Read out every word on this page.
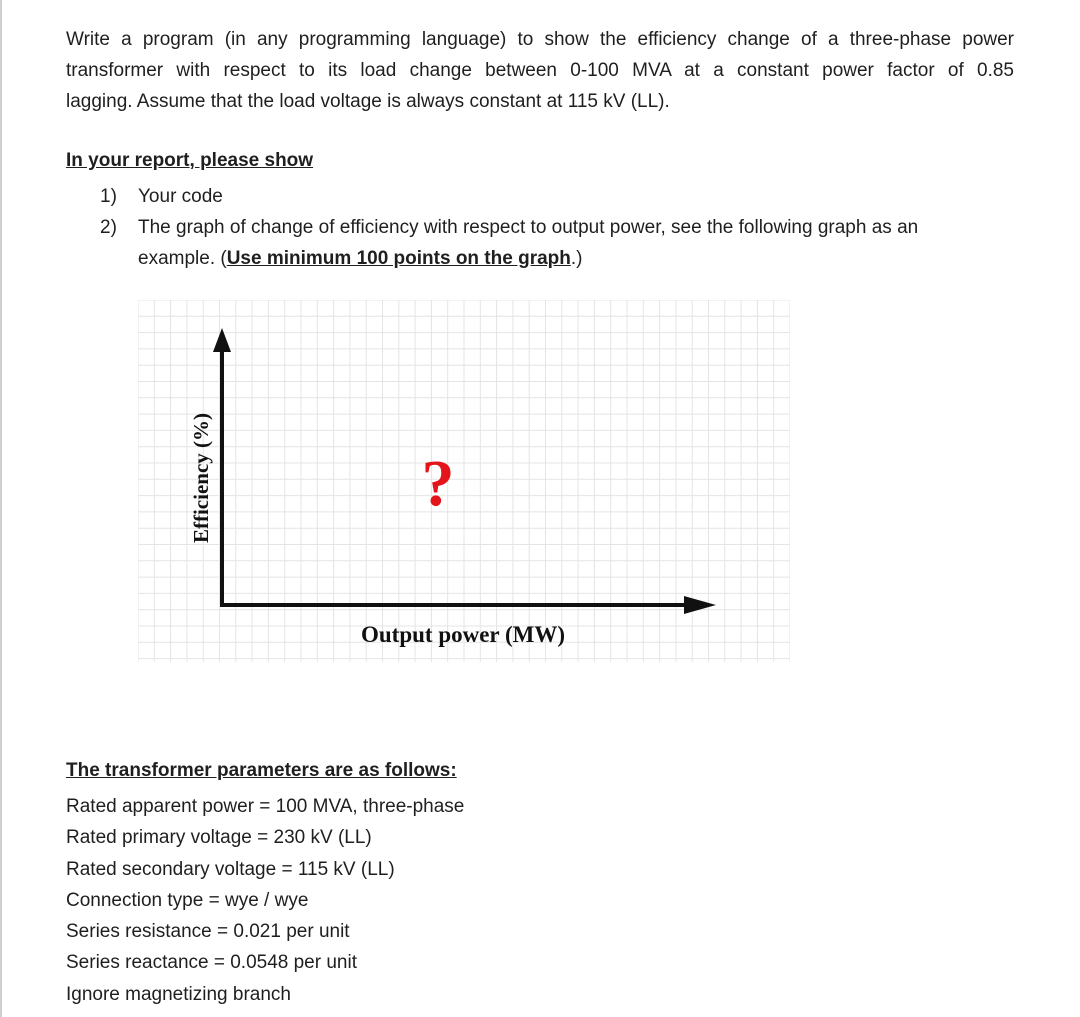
Write a program (in any programming language) to show the efficiency change of a three-phase power
transformer with respect to its load change between 0-100 MVA at a constant power factor of 0.85
lagging. Assume that the load voltage is always constant at 115 kV (LL).

In your report, please show

1)	Your code
2)	The graph of change of efficiency with respect to output power, see the following graph as an example. (Use minimum 100 points on the graph.)
Efficiency (%)
Output power (MW)
?

The transformer parameters are as follows:

Rated apparent power = 100 MVA, three-phase
Rated primary voltage = 230 kV (LL)
Rated secondary voltage = 115 kV (LL)
Connection type = wye / wye
Series resistance = 0.021 per unit
Series reactance = 0.0548 per unit
Ignore magnetizing branch
